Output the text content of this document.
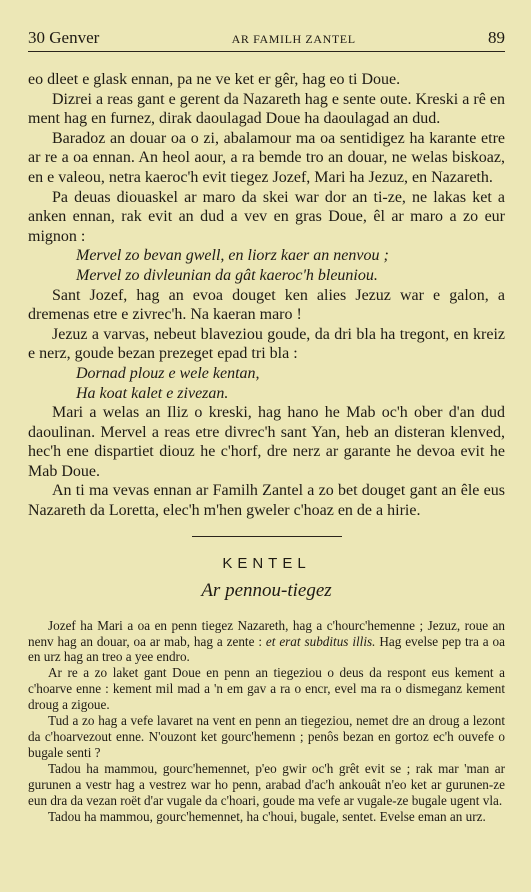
30 Genver	AR FAMILH ZANTEL	89

eo dleet e glask ennan, pa ne ve ket er gêr, hag eo ti Doue.

Dizrei a reas gant e gerent da Nazareth hag e sente oute. Kreski a rê en ment hag en furnez, dirak daoulagad Doue ha daoulagad an dud.

Baradoz an douar oa o zi, abalamour ma oa sentidigez ha karante etre ar re a oa ennan. An heol aour, a ra bemde tro an douar, ne welas biskoaz, en e valeou, netra kaeroc'h evit tiegez Jozef, Mari ha Jezuz, en Nazareth.

Pa deuas diouaskel ar maro da skei war dor an ti-ze, ne lakas ket a anken ennan, rak evit an dud a vev en gras Doue, êl ar maro a zo eur mignon :

Mervel zo bevan gwell, en liorz kaer an nenvou ;
Mervel zo divleunian da gât kaeroc'h bleuniou.

Sant Jozef, hag an evoa douget ken alies Jezuz war e galon, a dremenas etre e zivrec'h. Na kaeran maro !

Jezuz a varvas, nebeut blaveziou goude, da dri bla ha tregont, en kreiz e nerz, goude bezan prezeget epad tri bla :

Dornad plouz e wele kentan,
Ha koat kalet e zivezan.

Mari a welas an Iliz o kreski, hag hano he Mab oc'h ober d'an dud daoulinan. Mervel a reas etre divrec'h sant Yan, heb an disteran klenved, hec'h ene dispartiet diouz he c'horf, dre nerz ar garante he devoa evit he Mab Doue.

An ti ma vevas ennan ar Familh Zantel a zo bet douget gant an êle eus Nazareth da Loretta, elec'h m'hen gweler c'hoaz en de a hirie.

KENTEL
Ar pennou-tiegez

Jozef ha Mari a oa en penn tiegez Nazareth, hag a c'hourc'hemenne ; Jezuz, roue an nenv hag an douar, oa ar mab, hag a zente : et erat subditus illis. Hag evelse pep tra a oa en urz hag an treo a yee endro.

Ar re a zo laket gant Doue en penn an tiegeziou o deus da respont eus kement a c'hoarve enne : kement mil mad a 'n em gav a ra o encr, evel ma ra o dismeganz kement droug a zigoue.

Tud a zo hag a vefe lavaret na vent en penn an tiegeziou, nemet dre an droug a lezont da c'hoarvezout enne. N'ouzont ket gourc'hemenn ; penôs bezan en gortoz ec'h ouvefe o bugale senti ?

Tadou ha mammou, gourc'hemennet, p'eo gwir oc'h grêt evit se ; rak mar 'man ar gurunen a vestr hag a vestrez war ho penn, arabad d'ac'h ankouât n'eo ket ar gurunen-ze eun dra da vezan roët d'ar vugale da c'hoari, goude ma vefe ar vugale-ze bugale ugent vla.

Tadou ha mammou, gourc'hemennet, ha c'houi, bugale, sentet. Evelse eman an urz.
